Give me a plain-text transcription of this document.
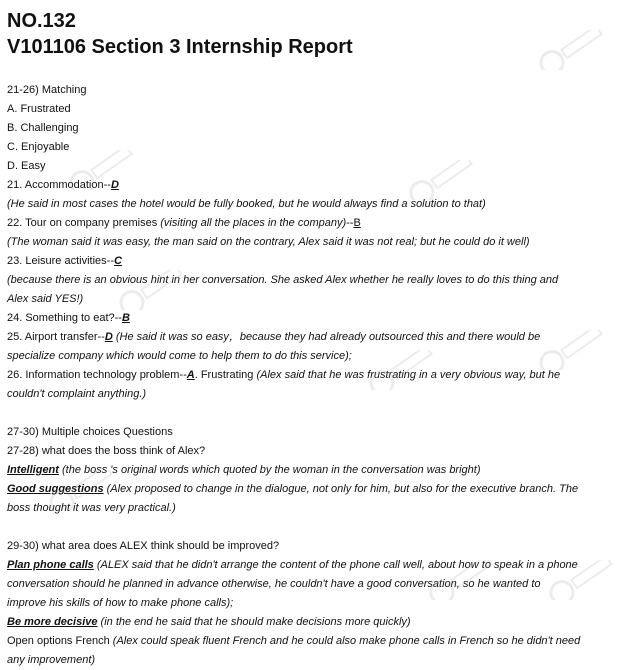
NO.132
V101106 Section 3 Internship Report
21-26) Matching
A. Frustrated
B. Challenging
C. Enjoyable
D. Easy
21. Accommodation--D
(He said in most cases the hotel would be fully booked, but he would always find a solution to that)
22. Tour on company premises (visiting all the places in the company)--B
(The woman said it was easy, the man said on the contrary, Alex said it was not real; but he could do it well)
23. Leisure activities--C
(because there is an obvious hint in her conversation. She asked Alex whether he really loves to do this thing and
Alex said YES!)
24. Something to eat?--B
25. Airport transfer--D (He said it was so easy，because they had already outsourced this and there would be
specialize company which would come to help them to do this service);
26. Information technology problem--A. Frustrating (Alex said that he was frustrating in a very obvious way, but he
couldn't complaint anything.)
27-30) Multiple choices Questions
27-28) what does the boss think of Alex?
Intelligent (the boss 's original words which quoted by the woman in the conversation was bright)
Good suggestions (Alex proposed to change in the dialogue, not only for him, but also for the executive branch. The
boss thought it was very practical.)
29-30) what area does ALEX think should be improved?
Plan phone calls (ALEX said that he didn't arrange the content of the phone call well, about how to speak in a phone
conversation should he planned in advance otherwise, he couldn't have a good conversation, so he wanted to
improve his skills of how to make phone calls);
Be more decisive (in the end he said that he should make decisions more quickly)
Open options French (Alex could speak fluent French and he could also make phone calls in French so he didn't need
any improvement)
